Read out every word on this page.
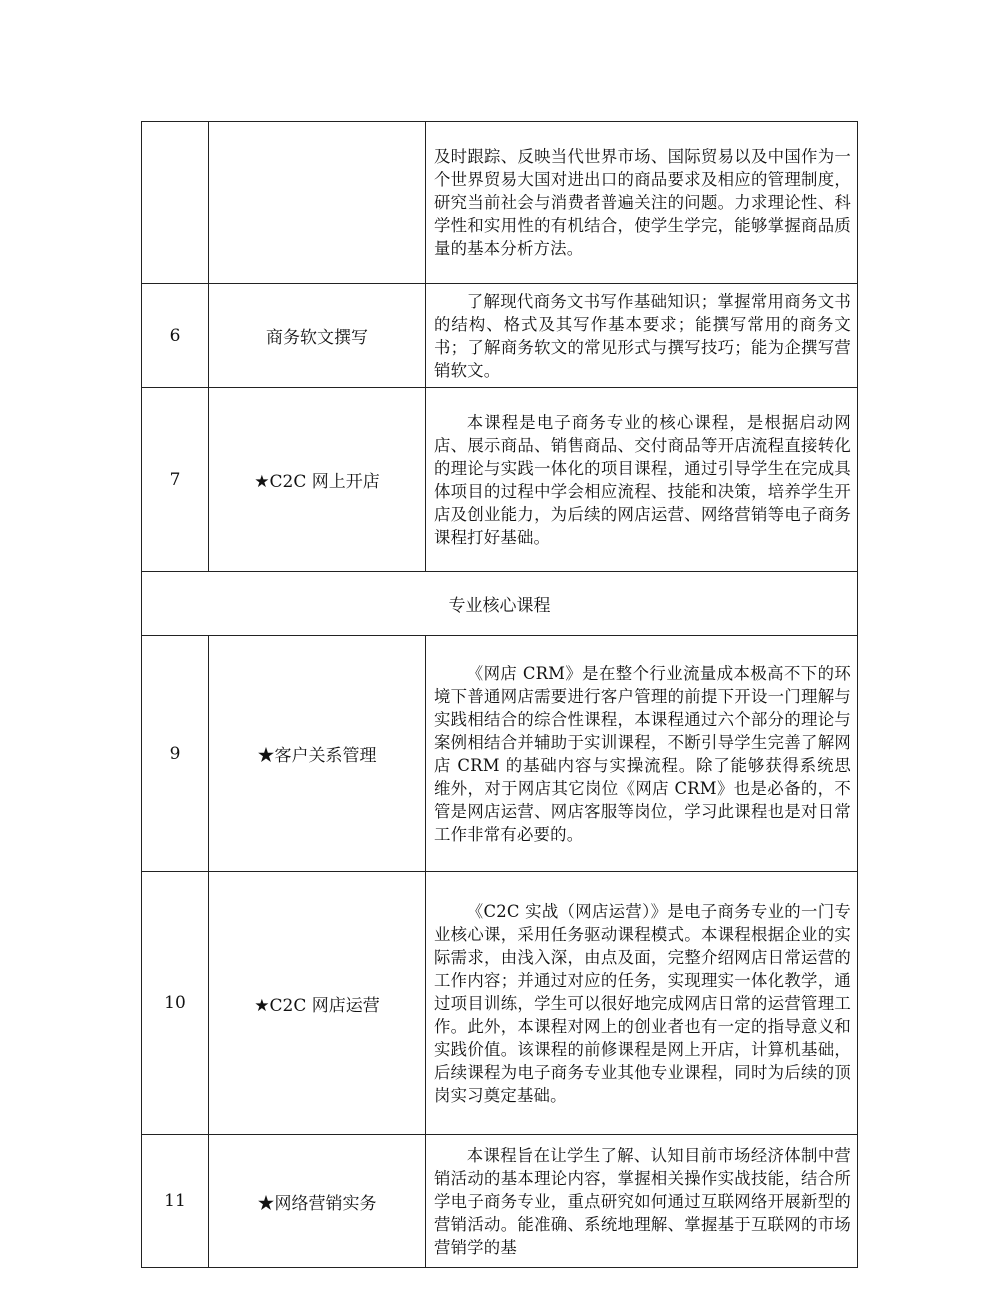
		及时跟踪、反映当代世界市场、国际贸易以及中国作为一个世界贸易大国对进出口的商品要求及相应的管理制度，研究当前社会与消费者普遍关注的问题。力求理论性、科学性和实用性的有机结合，使学生学完，能够掌握商品质量的基本分析方法。
6	商务软文撰写	了解现代商务文书写作基础知识；掌握常用商务文书的结构、格式及其写作基本要求；能撰写常用的商务文书；了解商务软文的常见形式与撰写技巧；能为企撰写营销软文。
7	★C2C 网上开店	本课程是电子商务专业的核心课程，是根据启动网店、展示商品、销售商品、交付商品等开店流程直接转化的理论与实践一体化的项目课程，通过引导学生在完成具体项目的过程中学会相应流程、技能和决策，培养学生开店及创业能力，为后续的网店运营、网络营销等电子商务课程打好基础。
专业核心课程		
9	★客户关系管理	《网店 CRM》是在整个行业流量成本极高不下的环境下普通网店需要进行客户管理的前提下开设一门理解与实践相结合的综合性课程，本课程通过六个部分的理论与案例相结合并辅助于实训课程，不断引导学生完善了解网店 CRM 的基础内容与实操流程。除了能够获得系统思维外，对于网店其它岗位《网店 CRM》也是必备的，不管是网店运营、网店客服等岗位，学习此课程也是对日常工作非常有必要的。
10	★C2C 网店运营	《C2C 实战（网店运营）》是电子商务专业的一门专业核心课，采用任务驱动课程模式。本课程根据企业的实际需求，由浅入深，由点及面，完整介绍网店日常运营的工作内容；并通过对应的任务，实现理实一体化教学，通过项目训练，学生可以很好地完成网店日常的运营管理工作。此外，本课程对网上的创业者也有一定的指导意义和实践价值。该课程的前修课程是网上开店，计算机基础，后续课程为电子商务专业其他专业课程，同时为后续的顶岗实习奠定基础。
11	★网络营销实务	本课程旨在让学生了解、认知目前市场经济体制中营销活动的基本理论内容，掌握相关操作实战技能，结合所学电子商务专业，重点研究如何通过互联网络开展新型的营销活动。能准确、系统地理解、掌握基于互联网的市场营销学的基
